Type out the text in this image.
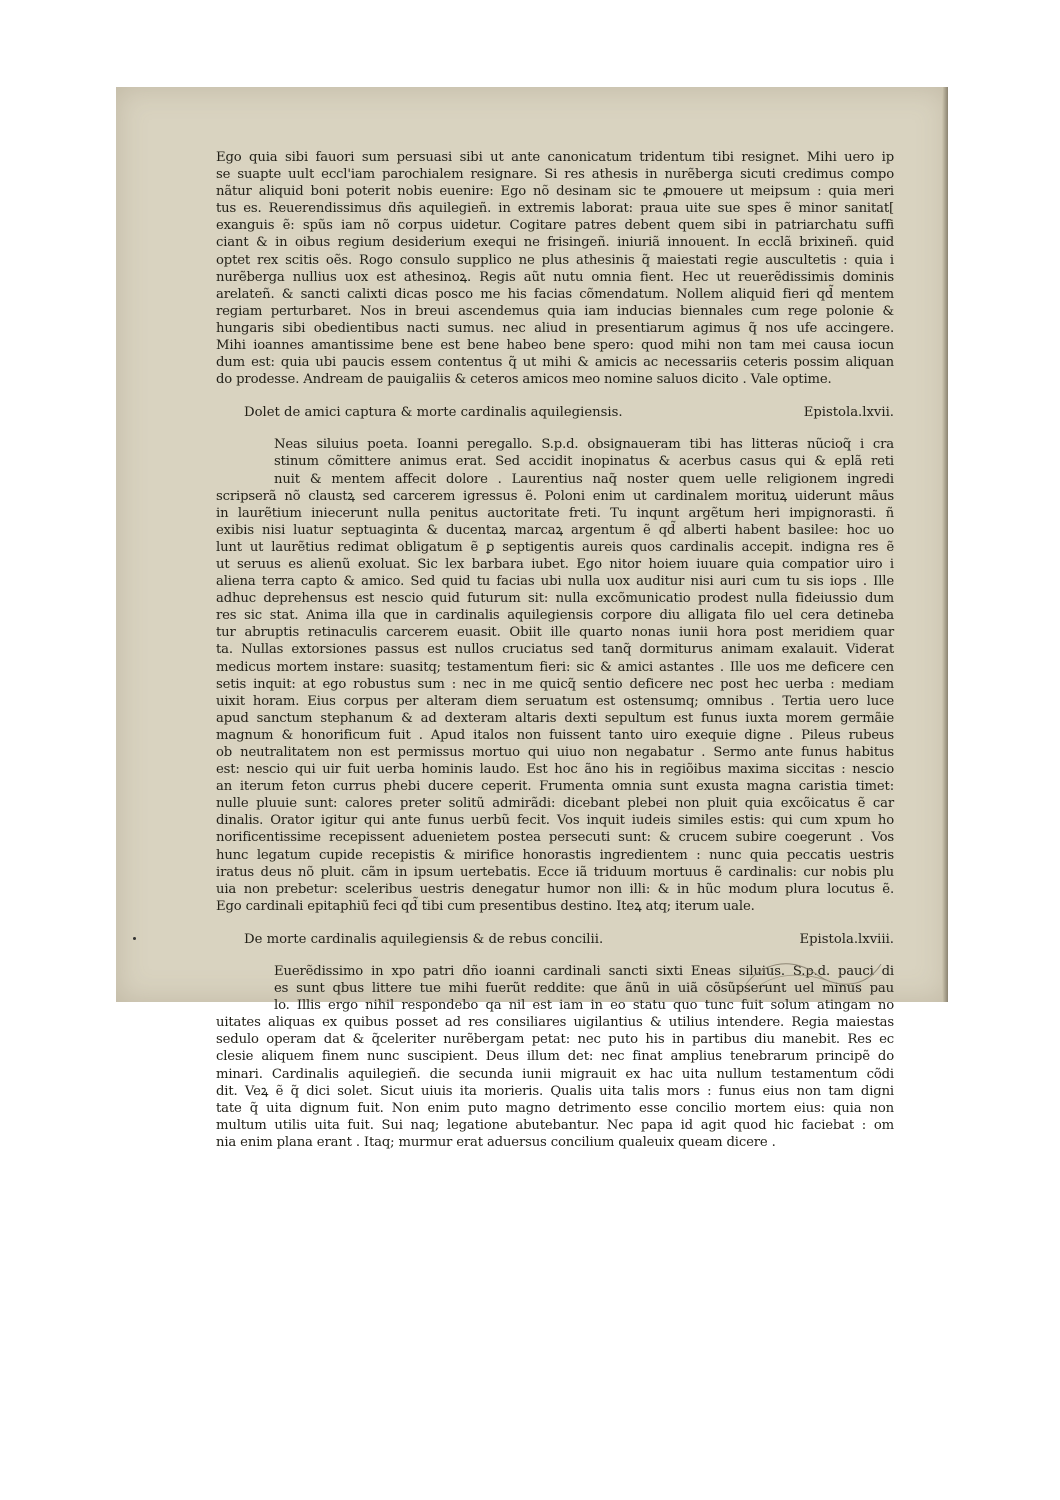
Ego quia sibi fauori sum persuasi sibi ut ante canonicatum tridentum tibi resignet. Mihi uero ip
se suapte uult eccl'iam parochialem resignare. Si res athesis in nurẽberga sicuti credimus compo
nãtur aliquid boni poterit nobis euenire: Ego nõ desinam sic te ꝓmouere ut meipsum : quia meri
tus es. Reuerendissimus dñs aquilegieñ. in extremis laborat: praua uite sue spes ẽ minor sanitat[
exanguis ẽ: spũs iam nõ corpus uidetur. Cogitare patres debent quem sibi in patriarchatu suffi
ciant & in oibus regium desiderium exequi ne frisingeñ. iniuriã innouent. In ecclã brixineñ. quid
optet rex scitis oẽs. Rogo consulo supplico ne plus athesinis q̃ maiestati regie auscultetis : quia i
nurẽberga nullius uox est athesinoꝝ. Regis aũt nutu omnia fient. Hec ut reuerẽdissimis dominis
arelateñ. & sancti calixti dicas posco me his facias cõmendatum. Nollem aliquid fieri qd̃ mentem
regiam perturbaret. Nos in breui ascendemus quia iam inducias biennales cum rege polonie &
hungaris sibi obedientibus nacti sumus. nec aliud in presentiarum agimus q̃ nos ufe accingere.
Mihi ioannes amantissime bene est bene habeo bene spero: quod mihi non tam mei causa iocun
dum est: quia ubi paucis essem contentus q̃ ut mihi & amicis ac necessariis ceteris possim aliquan
do prodesse. Andream de pauigaliis & ceteros amicos meo nomine saluos dicito . Vale optime.
Dolet de amici captura & morte cardinalis aquilegiensis.	Epistola.lxvii.
Neas siluius poeta. Ioanni peregallo. S.p.d. obsignaueram tibi has litteras nũcioq̃ i cra
stinum cõmittere animus erat. Sed accidit inopinatus & acerbus casus qui & eplã reti
nuit & mentem affecit dolore . Laurentius naq̃ noster quem uelle religionem ingredi
scripserã nõ claustꝝ sed carcerem igressus ẽ. Poloni enim ut cardinalem morituꝝ uiderunt mãus
in laurẽtium iniecerunt nulla penitus auctoritate freti. Tu inqunt argẽtum heri impignorasti. ñ
exibis nisi luatur septuaginta & ducentaꝝ marcaꝝ argentum ẽ qd̃ alberti habent basilee: hoc uo
lunt ut laurẽtius redimat obligatum ẽ ꝑ septigentis aureis quos cardinalis accepit. indigna res ẽ
ut seruus es alienũ exoluat. Sic lex barbara iubet. Ego nitor hoiem iuuare quia compatior uiro i
aliena terra capto & amico. Sed quid tu facias ubi nulla uox auditur nisi auri cum tu sis iops . Ille
adhuc deprehensus est nescio quid futurum sit: nulla excõmunicatio prodest nulla fideiussio dum
res sic stat. Anima illa que in cardinalis aquilegiensis corpore diu alligata filo uel cera detineba
tur abruptis retinaculis carcerem euasit. Obiit ille quarto nonas iunii hora post meridiem quar
ta. Nullas extorsiones passus est nullos cruciatus sed tanq̃ dormiturus animam exalauit. Viderat
medicus mortem instare: suasitq; testamentum fieri: sic & amici astantes . Ille uos me deficere cen
setis inquit: at ego robustus sum : nec in me quicq̃ sentio deficere nec post hec uerba : mediam
uixit horam. Eius corpus per alteram diem seruatum est ostensumq; omnibus . Tertia uero luce
apud sanctum stephanum & ad dexteram altaris dexti sepultum est funus iuxta morem germãie
magnum & honorificum fuit . Apud italos non fuissent tanto uiro exequie digne . Pileus rubeus
ob neutralitatem non est permissus mortuo qui uiuo non negabatur . Sermo ante funus habitus
est: nescio qui uir fuit uerba hominis laudo. Est hoc ãno his in regiõibus maxima siccitas : nescio
an iterum feton currus phebi ducere ceperit. Frumenta omnia sunt exusta magna caristia timet:
nulle pluuie sunt: calores preter solitũ admirãdi: dicebant plebei non pluit quia excõicatus ẽ car
dinalis. Orator igitur qui ante funus uerbũ fecit. Vos inquit iudeis similes estis: qui cum xpum ho
norificentissime recepissent aduenietem postea persecuti sunt: & crucem subire coegerunt . Vos
hunc legatum cupide recepistis & mirifice honorastis ingredientem : nunc quia peccatis uestris
iratus deus nõ pluit. cãm in ipsum uertebatis. Ecce iã triduum mortuus ẽ cardinalis: cur nobis plu
uia non prebetur: sceleribus uestris denegatur humor non illi: & in hũc modum plura locutus ẽ.
Ego cardinali epitaphiũ feci qd̃ tibi cum presentibus destino. Iteꝝ atq; iterum uale.
De morte cardinalis aquilegiensis & de rebus concilii.	Epistola.lxviii.
Euerẽdissimo in xpo patri dño ioanni cardinali sancti sixti Eneas siluius. S.p.d. pauci di
es sunt qbus littere tue mihi fuerũt reddite: que ãnũ in uiã cõsũpserunt uel minus pau
lo. Illis ergo nihil respondebo qa nil est iam in eo statu quo tunc fuit solum atingam no
uitates aliquas ex quibus posset ad res consiliares uigilantius & utilius intendere. Regia maiestas
sedulo operam dat & q̃celeriter nurẽbergam petat: nec puto his in partibus diu manebit. Res ec
clesie aliquem finem nunc suscipient. Deus illum det: nec finat amplius tenebrarum principẽ do
minari. Cardinalis aquilegieñ. die secunda iunii migrauit ex hac uita nullum testamentum cõdi
dit. Veꝝ ẽ q̃ dici solet. Sicut uiuis ita morieris. Qualis uita talis mors : funus eius non tam digni
tate q̃ uita dignum fuit. Non enim puto magno detrimento esse concilio mortem eius: quia non
multum utilis uita fuit. Sui naq; legatione abutebantur. Nec papa id agit quod hic faciebat : om
nia enim plana erant . Itaq; murmur erat aduersus concilium qualeuix queam dicere .
